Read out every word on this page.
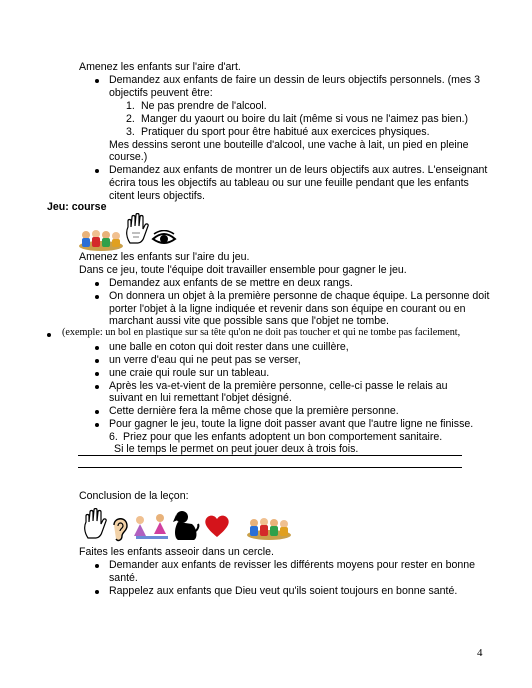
Amenez les enfants sur l'aire d'art.
Demandez aux enfants de faire un dessin de leurs objectifs personnels. (mes 3
objectifs peuvent être:
1. Ne pas prendre de l'alcool.
2. Manger du yaourt ou boire du lait (même si vous ne l'aimez pas bien.)
3. Pratiquer du sport pour être habitué aux exercices physiques.
Mes dessins seront une bouteille d'alcool, une vache à lait, un pied en pleine
course.)
Demandez aux enfants de montrer un de leurs objectifs aux autres. L'enseignant
écrira tous les objectifs au tableau ou sur une feuille pendant que les enfants
citent leurs objectifs.
Jeu: course
Amenez les enfants sur l'aire du jeu.
Dans ce jeu, toute l'équipe doit travailler ensemble pour gagner le jeu.
Demandez aux enfants de se mettre en deux rangs.
On donnera un objet à la première personne de chaque équipe. La personne doit
porter l'objet à la ligne indiquée et revenir dans son équipe en courant ou en
marchant aussi vite que possible sans que l'objet ne tombe.
(exemple: un bol en plastique sur sa tête qu'on ne doit pas toucher et qui ne tombe pas facilement,
une balle en coton qui doit rester dans une cuillère,
un verre d'eau qui ne peut pas se verser,
une craie qui roule sur un tableau.
Après les va-et-vient de la première personne, celle-ci passe le relais au
suivant en lui remettant l'objet désigné.
Cette dernière fera la même chose que la première personne.
Pour gagner le jeu, toute la ligne doit passer avant que l'autre ligne ne finisse.
6. Priez pour que les enfants adoptent un bon comportement sanitaire.
Si le temps le permet on peut jouer deux à trois fois.
Conclusion de la leçon:
Faites les enfants asseoir dans un cercle.
Demander aux enfants de revisser les différents moyens pour rester en bonne
santé.
Rappelez aux enfants que Dieu veut qu'ils soient toujours en bonne santé.
4
